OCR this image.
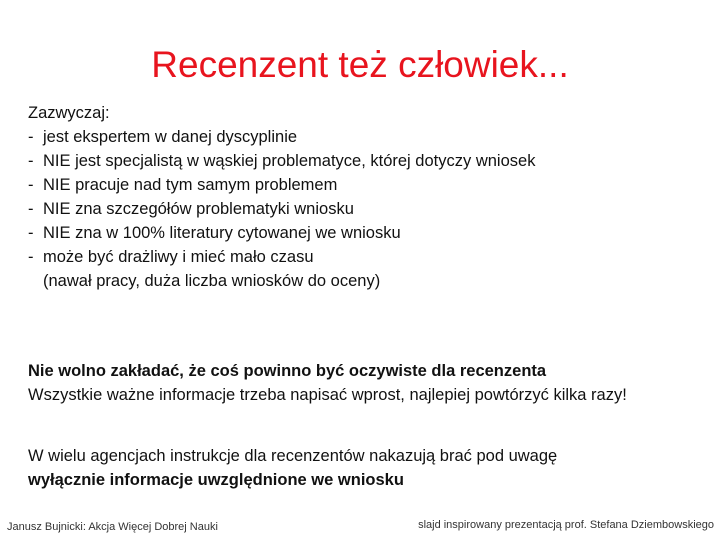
Recenzent też człowiek...
Zazwyczaj:
- jest ekspertem w danej dyscyplinie
- NIE jest specjalistą w wąskiej problematyce, której dotyczy wniosek
- NIE pracuje nad tym samym problemem
- NIE zna szczegółów problematyki wniosku
- NIE zna w 100% literatury cytowanej we wniosku
- może być drażliwy i mieć mało czasu
(nawał pracy, duża liczba wniosków do oceny)
Nie wolno zakładać, że coś powinno być oczywiste dla recenzenta
Wszystkie ważne informacje trzeba napisać wprost, najlepiej powtórzyć kilka razy!
W wielu agencjach instrukcje dla recenzentów nakazują brać pod uwagę
wyłącznie informacje uwzględnione we wniosku
Janusz Bujnicki: Akcja Więcej Dobrej Nauki	slajd inspirowany prezentacją prof. Stefana Dziembowskiego
